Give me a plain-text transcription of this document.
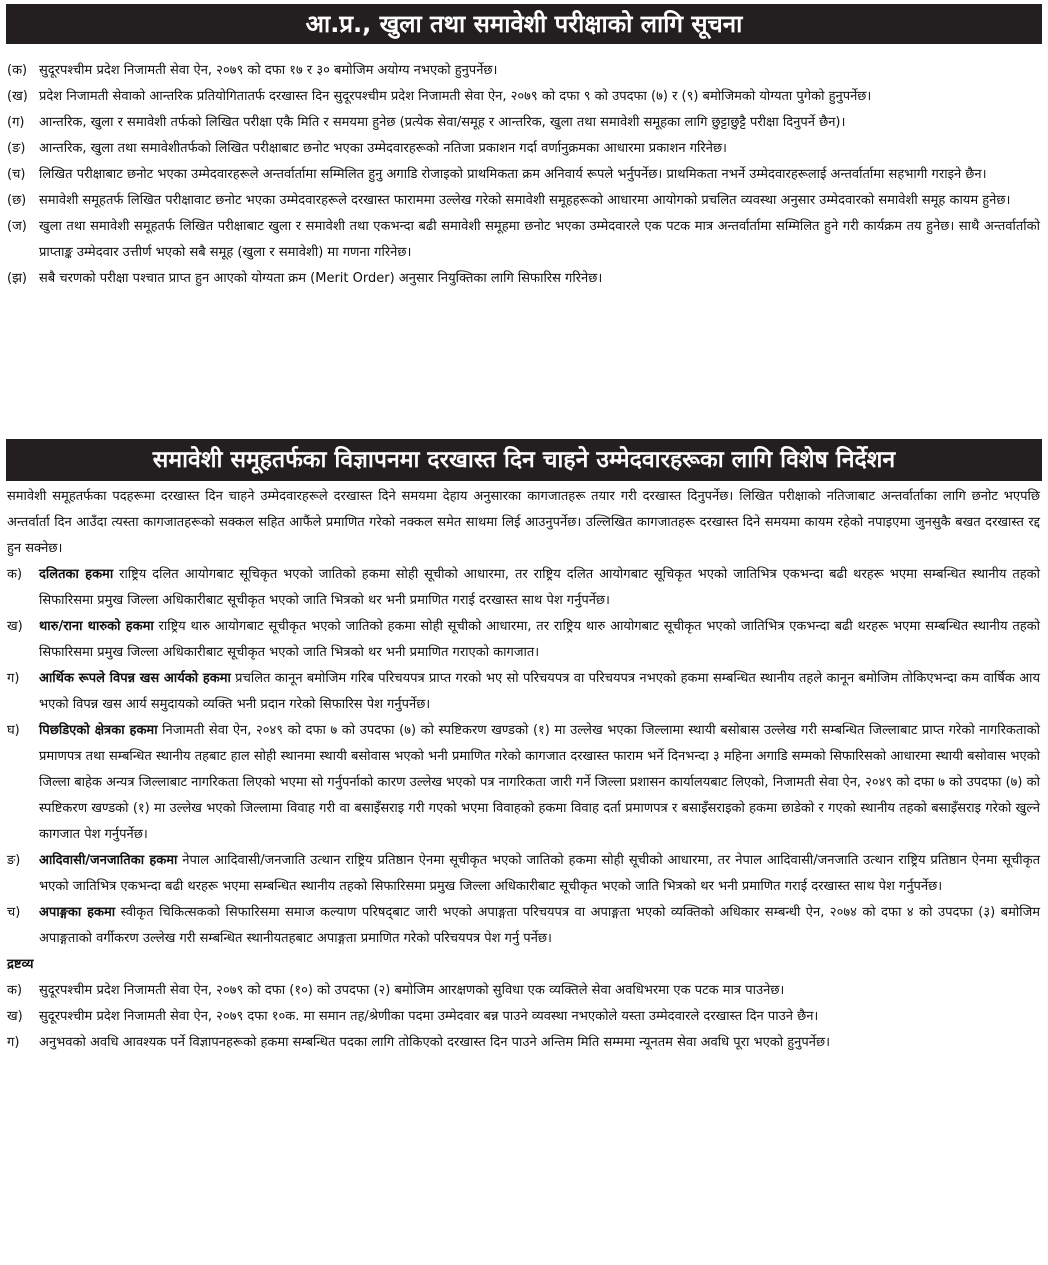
आ.प्र., खुला तथा समावेशी परीक्षाको लागि सूचना
(क) सुदूरपश्चीम प्रदेश निजामती सेवा ऐन, २०७९ को दफा १७ र ३० बमोजिम अयोग्य नभएको हुनुपर्नेछ।
(ख) प्रदेश निजामती सेवाको आन्तरिक प्रतियोगितातर्फ दरखास्त दिन सुदूरपश्चीम प्रदेश निजामती सेवा ऐन, २०७९ को दफा ९ को उपदफा (७) र (९) बमोजिमको योग्यता पुगेको हुनुपर्नेछ।
(ग)	आन्तरिक, खुला र समावेशी तर्फको लिखित परीक्षा एकै मिति र समयमा हुनेछ (प्रत्येक सेवा/समूह र आन्तरिक, खुला तथा समावेशी समूहका लागि छुट्टाछुट्टै परीक्षा दिनुपर्ने छैन)।
(ङ)	आन्तरिक, खुला तथा समावेशीतर्फको लिखित परीक्षाबाट छनोट भएका उम्मेदवारहरूको नतिजा प्रकाशन गर्दा वर्णानुक्रमका आधारमा प्रकाशन गरिनेछ।
(च)	लिखित परीक्षाबाट छनोट भएका उम्मेदवारहरूले अन्तर्वार्तामा सम्मिलित हुनु अगाडि रोजाइको प्राथमिकता क्रम अनिवार्य रूपले भर्नुपर्नेछ। प्राथमिकता नभर्ने उम्मेदवारहरूलाई अन्तर्वार्तामा सहभागी गराइने छैन।
(छ) समावेशी समूहतर्फ लिखित परीक्षावाट छनोट भएका उम्मेदवारहरूले दरखास्त फाराममा उल्लेख गरेको समावेशी समूहहरूको आधारमा आयोगको प्रचलित व्यवस्था अनुसार उम्मेदवारको समावेशी समूह कायम हुनेछ।
(ज) खुला तथा समावेशी समूहतर्फ लिखित परीक्षाबाट खुला र समावेशी तथा एकभन्दा बढी समावेशी समूहमा छनोट भएका उम्मेदवारले एक पटक मात्र अन्तर्वार्तामा सम्मिलित हुने गरी कार्यक्रम तय हुनेछ। साथै अन्तर्वार्ताको प्राप्ताङ्क उम्मेदवार उत्तीर्ण भएको सबै समूह (खुला र समावेशी) मा गणना गरिनेछ।
(झ) सबै चरणको परीक्षा पश्चात प्राप्त हुन आएको योग्यता क्रम (Merit Order) अनुसार नियुक्तिका लागि सिफारिस गरिनेछ।
समावेशी समूहतर्फका विज्ञापनमा दरखास्त दिन चाहने उम्मेदवारहरूका लागि विशेष निर्देशन

समावेशी समूहतर्फका पदहरूमा दरखास्त दिन चाहने उम्मेदवारहरूले दरखास्त दिने समयमा देहाय अनुसारका कागजातहरू तयार गरी दरखास्त दिनुपर्नेछ। लिखित परीक्षाको नतिजाबाट अन्तर्वार्ताका लागि छनोट भएपछि अन्तर्वार्ता दिन आउँदा त्यस्ता कागजातहरूको सक्कल सहित आफैंले प्रमाणित गरेको नक्कल समेत साथमा लिई आउनुपर्नेछ। उल्लिखित कागजातहरू दरखास्त दिने समयमा कायम रहेको नपाइएमा जुनसुकै बखत दरखास्त रद्द हुन सक्नेछ।

क)	दलितका हकमा राष्ट्रिय दलित आयोगबाट सूचिकृत भएको जातिको हकमा सोही सूचीको आधारमा, तर राष्ट्रिय दलित आयोगबाट सूचिकृत भएको जातिभित्र एकभन्दा बढी थरहरू भएमा सम्बन्धित स्थानीय तहको सिफारिसमा प्रमुख जिल्ला अधिकारीबाट सूचीकृत भएको जाति भित्रको थर भनी प्रमाणित गराई दरखास्त साथ पेश गर्नुपर्नेछ।
ख)	थारु/राना थारुको हकमा राष्ट्रिय थारु आयोगबाट सूचीकृत भएको जातिको हकमा सोही सूचीको आधारमा, तर राष्ट्रिय थारु आयोगबाट सूचीकृत भएको जातिभित्र एकभन्दा बढी थरहरू भएमा सम्बन्धित स्थानीय तहको सिफारिसमा प्रमुख जिल्ला अधिकारीबाट सूचीकृत भएको जाति भित्रको थर भनी प्रमाणित गराएको कागजात।
ग)	आर्थिक रूपले विपन्न खस आर्यको हकमा प्रचलित कानून बमोजिम गरिब परिचयपत्र प्राप्त गरको भए सो परिचयपत्र वा परिचयपत्र नभएको हकमा सम्बन्धित स्थानीय तहले कानून बमोजिम तोकिएभन्दा कम वार्षिक आय भएको विपन्न खस आर्य समुदायको व्यक्ति भनी प्रदान गरेको सिफारिस पेश गर्नुपर्नेछ।
घ)	पिछडिएको क्षेत्रका हकमा निजामती सेवा ऐन, २०४९ को दफा ७ को उपदफा (७) को स्पष्टिकरण खण्डको (१) मा उल्लेख भएका जिल्लामा स्थायी बसोबास उल्लेख गरी सम्बन्धित जिल्लाबाट प्राप्त गरेको नागरिकताको प्रमाणपत्र तथा सम्बन्धित स्थानीय तहबाट हाल सोही स्थानमा स्थायी बसोवास भएको भनी प्रमाणित गरेको कागजात दरखास्त फाराम भर्ने दिनभन्दा ३ महिना अगाडि सम्मको सिफारिसको आधारमा स्थायी बसोवास भएको जिल्ला बाहेक अन्यत्र जिल्लाबाट नागरिकता लिएको भएमा सो गर्नुपर्नाको कारण उल्लेख भएको पत्र नागरिकता जारी गर्ने जिल्ला प्रशासन कार्यालयबाट लिएको, निजामती सेवा ऐन, २०४९ को दफा ७ को उपदफा (७) को स्पष्टिकरण खण्डको (१) मा उल्लेख भएको जिल्लामा विवाह गरी वा बसाइँसराइ गरी गएको भएमा विवाहको हकमा विवाह दर्ता प्रमाणपत्र र बसाइँसराइको हकमा छाडेको र गएको स्थानीय तहको बसाइँसराइ गरेको खुल्ने कागजात पेश गर्नुपर्नेछ।
ङ)	आदिवासी/जनजातिका हकमा नेपाल आदिवासी/जनजाति उत्थान राष्ट्रिय प्रतिष्ठान ऐनमा सूचीकृत भएको जातिको हकमा सोही सूचीको आधारमा, तर नेपाल आदिवासी/जनजाति उत्थान राष्ट्रिय प्रतिष्ठान ऐनमा सूचीकृत भएको जातिभित्र एकभन्दा बढी थरहरू भएमा सम्बन्धित स्थानीय तहको सिफारिसमा प्रमुख जिल्ला अधिकारीबाट सूचीकृत भएको जाति भित्रको थर भनी प्रमाणित गराई दरखास्त साथ पेश गर्नुपर्नेछ।
च)	अपाङ्गका हकमा स्वीकृत चिकित्सकको सिफारिसमा समाज कल्याण परिषद्‌बाट जारी भएको अपाङ्गता परिचयपत्र वा अपाङ्गता भएको व्यक्तिको अधिकार सम्बन्धी ऐन, २०७४ को दफा ४ को उपदफा (३) बमोजिम अपाङ्गताको वर्गीकरण उल्लेख गरी सम्बन्धित स्थानीयतहबाट अपाङ्गता प्रमाणित गरेको परिचयपत्र पेश गर्नु पर्नेछ।
द्रष्टव्य
क)	सुदूरपश्चीम प्रदेश निजामती सेवा ऐन, २०७९ को दफा (१०) को उपदफा (२) बमोजिम आरक्षणको सुविधा एक व्यक्तिले सेवा अवधिभरमा एक पटक मात्र पाउनेछ।
ख)	सुदूरपश्चीम प्रदेश निजामती सेवा ऐन, २०७९ दफा १०क. मा समान तह/श्रेणीका पदमा उम्मेदवार बन्न पाउने व्यवस्था नभएकोले यस्ता उम्मेदवारले दरखास्त दिन पाउने छैन।
ग)	अनुभवको अवधि आवश्यक पर्ने विज्ञापनहरूको हकमा सम्बन्धित पदका लागि तोकिएको दरखास्त दिन पाउने अन्तिम मिति सम्ममा न्यूनतम सेवा अवधि पूरा भएको हुनुपर्नेछ।
